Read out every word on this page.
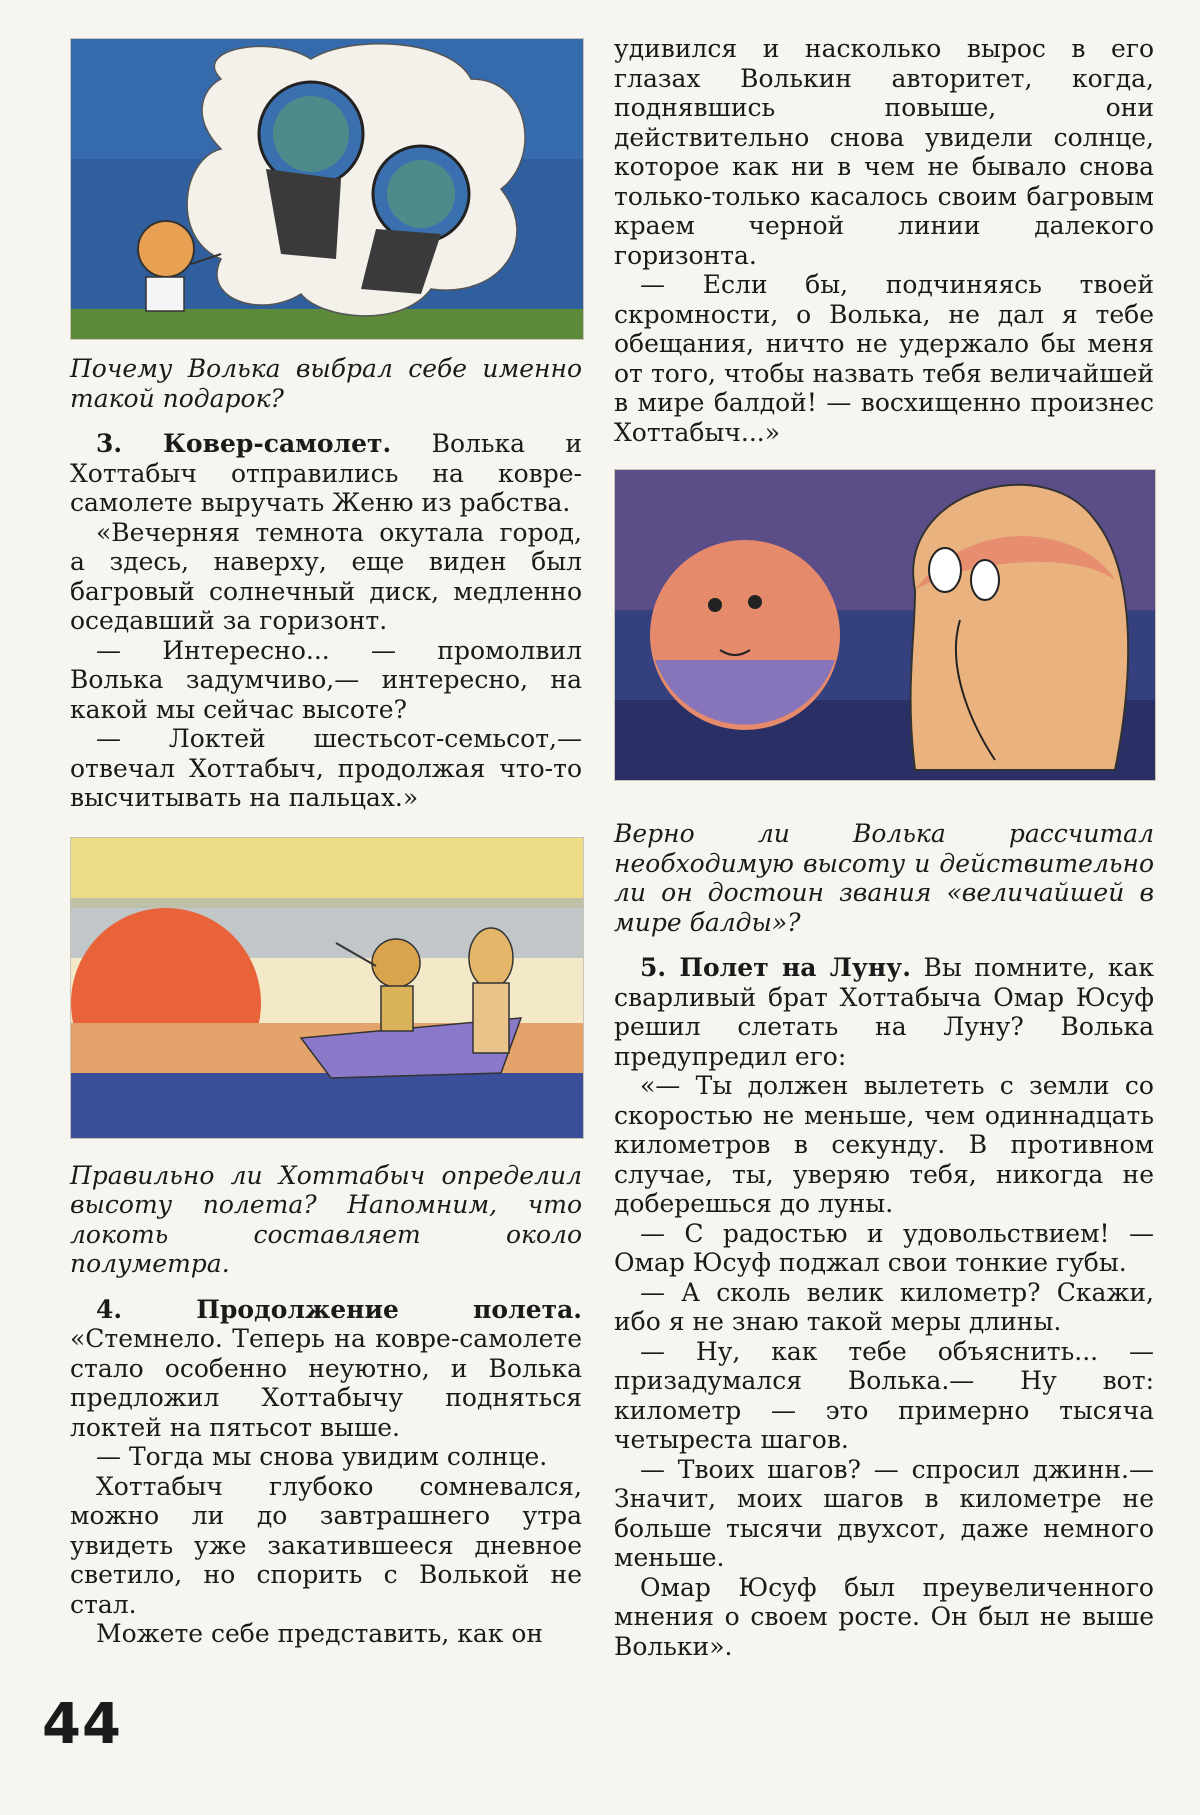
Почему Волька выбрал себе именно такой подарок?

3. Ковер-самолет. Волька и Хоттабыч отправились на ковре-самолете выручать Женю из рабства.

«Вечерняя темнота окутала город, а здесь, наверху, еще виден был багровый солнечный диск, медленно оседавший за горизонт.

— Интересно... — промолвил Волька задумчиво,— интересно, на какой мы сейчас высоте?

— Локтей шестьсот-семьсот,— отвечал Хоттабыч, продолжая что-то высчитывать на пальцах.»

Правильно ли Хоттабыч определил высоту полета? Напомним, что локоть составляет около полуметра.

4. Продолжение полета. «Стемнело. Теперь на ковре-самолете стало особенно неуютно, и Волька предложил Хоттабычу подняться локтей на пятьсот выше.

— Тогда мы снова увидим солнце.

Хоттабыч глубоко сомневался, можно ли до завтрашнего утра увидеть уже закатившееся дневное светило, но спорить с Волькой не стал.

Можете себе представить, как он

удивился и насколько вырос в его глазах Волькин авторитет, когда, поднявшись повыше, они действительно снова увидели солнце, которое как ни в чем не бывало снова только-только касалось своим багровым краем черной линии далекого горизонта.

— Если бы, подчиняясь твоей скромности, о Волька, не дал я тебе обещания, ничто не удержало бы меня от того, чтобы назвать тебя величайшей в мире балдой! — восхищенно произнес Хоттабыч...»

Верно ли Волька рассчитал необходимую высоту и действительно ли он достоин звания «величайшей в мире балды»?

5. Полет на Луну. Вы помните, как сварливый брат Хоттабыча Омар Юсуф решил слетать на Луну? Волька предупредил его:

«— Ты должен вылететь с земли со скоростью не меньше, чем одиннадцать километров в секунду. В противном случае, ты, уверяю тебя, никогда не доберешься до луны.

— С радостью и удовольствием! — Омар Юсуф поджал свои тонкие губы.

— А сколь велик километр? Скажи, ибо я не знаю такой меры длины.

— Ну, как тебе объяснить... — призадумался Волька.— Ну вот: километр — это примерно тысяча четыреста шагов.

— Твоих шагов? — спросил джинн.— Значит, моих шагов в километре не больше тысячи двухсот, даже немного меньше.

Омар Юсуф был преувеличенного мнения о своем росте. Он был не выше Вольки».

44
